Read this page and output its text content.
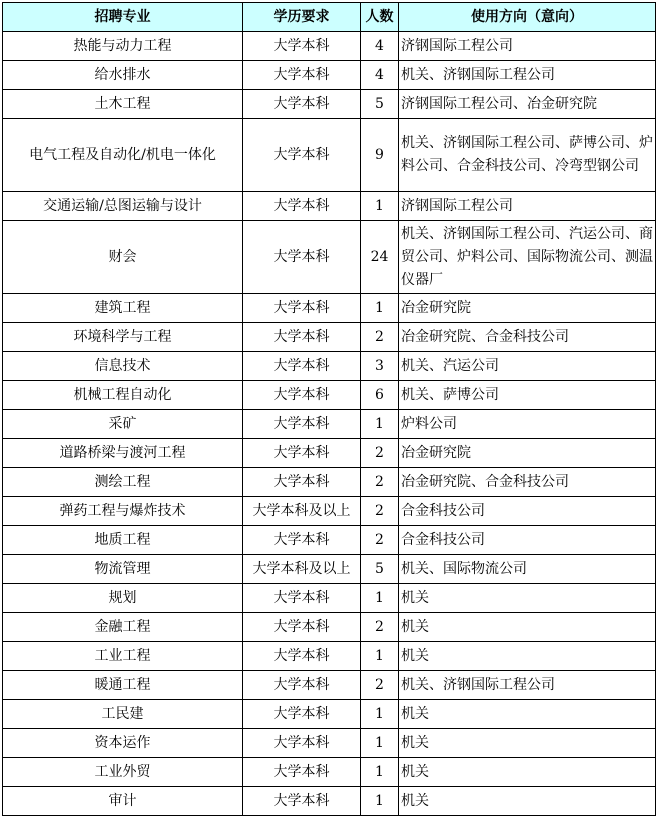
招聘专业	学历要求	人数	使用方向（意向）
热能与动力工程	大学本科	4	济钢国际工程公司
给水排水	大学本科	4	机关、济钢国际工程公司
土木工程	大学本科	5	济钢国际工程公司、冶金研究院
电气工程及自动化/机电一体化	大学本科	9	机关、济钢国际工程公司、萨博公司、炉料公司、合金科技公司、冷弯型钢公司
交通运输/总图运输与设计	大学本科	1	济钢国际工程公司
财会	大学本科	24	机关、济钢国际工程公司、汽运公司、商贸公司、炉料公司、国际物流公司、测温仪器厂
建筑工程	大学本科	1	冶金研究院
环境科学与工程	大学本科	2	冶金研究院、合金科技公司
信息技术	大学本科	3	机关、汽运公司
机械工程自动化	大学本科	6	机关、萨博公司
采矿	大学本科	1	炉料公司
道路桥梁与渡河工程	大学本科	2	冶金研究院
测绘工程	大学本科	2	冶金研究院、合金科技公司
弹药工程与爆炸技术	大学本科及以上	2	合金科技公司
地质工程	大学本科	2	合金科技公司
物流管理	大学本科及以上	5	机关、国际物流公司
规划	大学本科	1	机关
金融工程	大学本科	2	机关
工业工程	大学本科	1	机关
暖通工程	大学本科	2	机关、济钢国际工程公司
工民建	大学本科	1	机关
资本运作	大学本科	1	机关
工业外贸	大学本科	1	机关
审计	大学本科	1	机关
